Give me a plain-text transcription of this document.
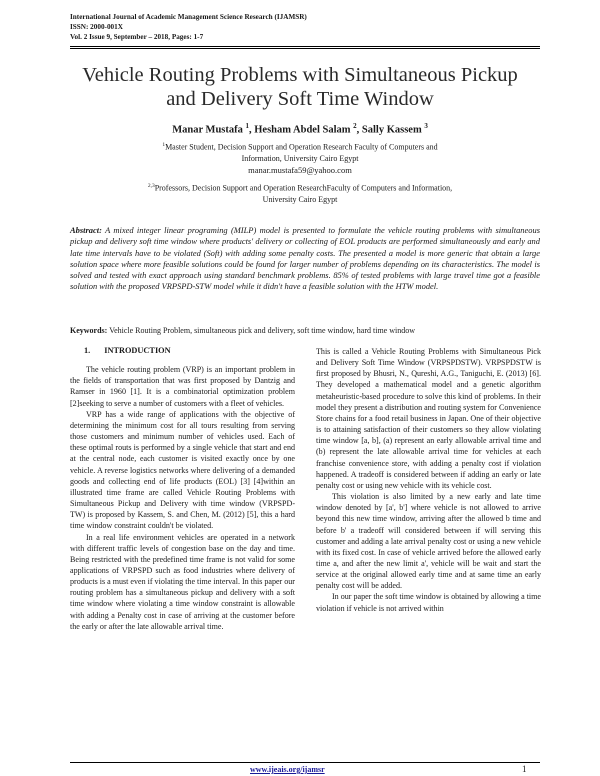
International Journal of Academic Management Science Research (IJAMSR)
ISSN: 2000-001X
Vol. 2 Issue 9, September – 2018, Pages: 1-7
Vehicle Routing Problems with Simultaneous Pickup
and Delivery Soft Time Window
Manar Mustafa $^1$, Hesham Abdel Salam $^2$, Sally Kassem $^3$
$^1$Master Student, Decision Support and Operation Research Faculty of Computers and
Information, University Cairo Egypt
manar.mustafa59@yahoo.com
$^{2,3}$Professors, Decision Support and Operation ResearchFaculty of Computers and Information,
University Cairo Egypt
Abstract: A mixed integer linear programing (MILP) model is presented to formulate the vehicle routing problems with simultaneous pickup and delivery soft time window where products' delivery or collecting of EOL products are performed simultaneously and early and late time intervals have to be violated (Soft) with adding some penalty costs. The presented a model is more generic that obtain a large solution space where more feasible solutions could be found for larger number of problems depending on its characteristics. The model is solved and tested with exact approach using standard benchmark problems. 85% of tested problems with large travel time got a feasible solution with the proposed VRPSPD-STW model while it didn't have a feasible solution with the HTW model.
Keywords: Vehicle Routing Problem, simultaneous pick and delivery, soft time window, hard time window

1. INTRODUCTION

The vehicle routing problem (VRP) is an important problem in the fields of transportation that was first proposed by Dantzig and Ramser in 1960 [1]. It is a combinatorial optimization problem [2]seeking to serve a number of customers with a fleet of vehicles.

VRP has a wide range of applications with the objective of determining the minimum cost for all tours resulting from serving those customers and minimum number of vehicles used. Each of these optimal routs is performed by a single vehicle that start and end at the central node, each customer is visited exactly once by one vehicle. A reverse logistics networks where delivering of a demanded goods and collecting end of life products (EOL) [3] [4]within an illustrated time frame are called Vehicle Routing Problems with Simultaneous Pickup and Delivery with time window (VRPSPD-TW) is proposed by Kassem, S. and Chen, M. (2012) [5], this a hard time window constraint couldn't be violated.

In a real life environment vehicles are operated in a network with different traffic levels of congestion base on the day and time. Being restricted with the predefined time frame is not valid for some applications of VRPSPD such as food industries where delivery of products is a must even if violating the time interval. In this paper our routing problem has a simultaneous pickup and delivery with a soft time window where violating a time window constraint is allowable with adding a Penalty cost in case of arriving at the customer before the early or after the late allowable arrival time.

This is called a Vehicle Routing Problems with Simultaneous Pick and Delivery Soft Time Window (VRPSPDSTW). VRPSPDSTW is first proposed by Bhusri, N., Qureshi, A.G., Taniguchi, E. (2013) [6]. They developed a mathematical model and a genetic algorithm metaheuristic-based procedure to solve this kind of problems. In their model they present a distribution and routing system for Convenience Store chains for a food retail business in Japan. One of their objective is to attaining satisfaction of their customers so they allow violating time window [a, b], (a) represent an early allowable arrival time and (b) represent the late allowable arrival time for vehicles at each franchise convenience store, with adding a penalty cost if violation happened. A tradeoff is considered between if adding an early or late penalty cost or using new vehicle with its vehicle cost.

This violation is also limited by a new early and late time window denoted by [a', b'] where vehicle is not allowed to arrive beyond this new time window, arriving after the allowed b time and before b' a tradeoff will considered between if will serving this customer and adding a late arrival penalty cost or using a new vehicle with its fixed cost. In case of vehicle arrived before the allowed early time a, and after the new limit a', vehicle will be wait and start the service at the original allowed early time and at same time an early penalty cost will be added.

In our paper the soft time window is obtained by allowing a time violation if vehicle is not arrived within

www.ijeais.org/ijamsr	1
